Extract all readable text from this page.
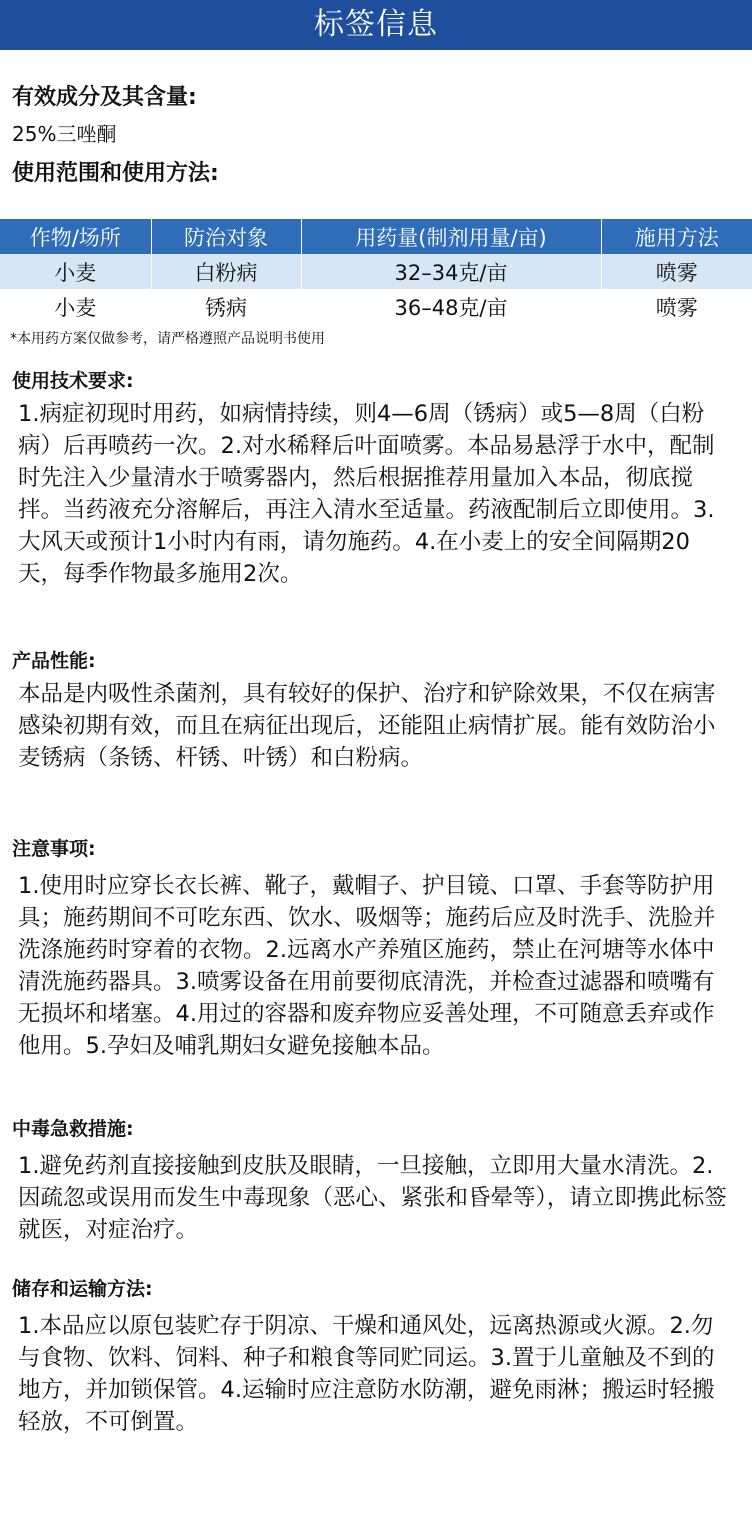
标签信息
有效成分及其含量:
25%三唑酮
使用范围和使用方法:
作物/场所	防治对象	用药量(制剂用量/亩)	施用方法
小麦	白粉病	32–34克/亩	喷雾
小麦	锈病	36–48克/亩	喷雾
*本用药方案仅做参考，请严格遵照产品说明书使用
使用技术要求:
1.病症初现时用药，如病情持续，则4—6周（锈病）或5—8周（白粉病）后再喷药一次。2.对水稀释后叶面喷雾。本品易悬浮于水中，配制时先注入少量清水于喷雾器内，然后根据推荐用量加入本品，彻底搅拌。当药液充分溶解后，再注入清水至适量。药液配制后立即使用。3.大风天或预计1小时内有雨，请勿施药。4.在小麦上的安全间隔期20天，每季作物最多施用2次。
产品性能:
本品是内吸性杀菌剂，具有较好的保护、治疗和铲除效果，不仅在病害感染初期有效，而且在病征出现后，还能阻止病情扩展。能有效防治小麦锈病（条锈、杆锈、叶锈）和白粉病。
注意事项:
1.使用时应穿长衣长裤、靴子，戴帽子、护目镜、口罩、手套等防护用具；施药期间不可吃东西、饮水、吸烟等；施药后应及时洗手、洗脸并洗涤施药时穿着的衣物。2.远离水产养殖区施药，禁止在河塘等水体中清洗施药器具。3.喷雾设备在用前要彻底清洗，并检查过滤器和喷嘴有无损坏和堵塞。4.用过的容器和废弃物应妥善处理，不可随意丢弃或作他用。5.孕妇及哺乳期妇女避免接触本品。
中毒急救措施:
1.避免药剂直接接触到皮肤及眼睛，一旦接触，立即用大量水清洗。2.因疏忽或误用而发生中毒现象（恶心、紧张和昏晕等），请立即携此标签就医，对症治疗。
储存和运输方法:
1.本品应以原包装贮存于阴凉、干燥和通风处，远离热源或火源。2.勿与食物、饮料、饲料、种子和粮食等同贮同运。3.置于儿童触及不到的地方，并加锁保管。4.运输时应注意防水防潮，避免雨淋；搬运时轻搬轻放，不可倒置。
